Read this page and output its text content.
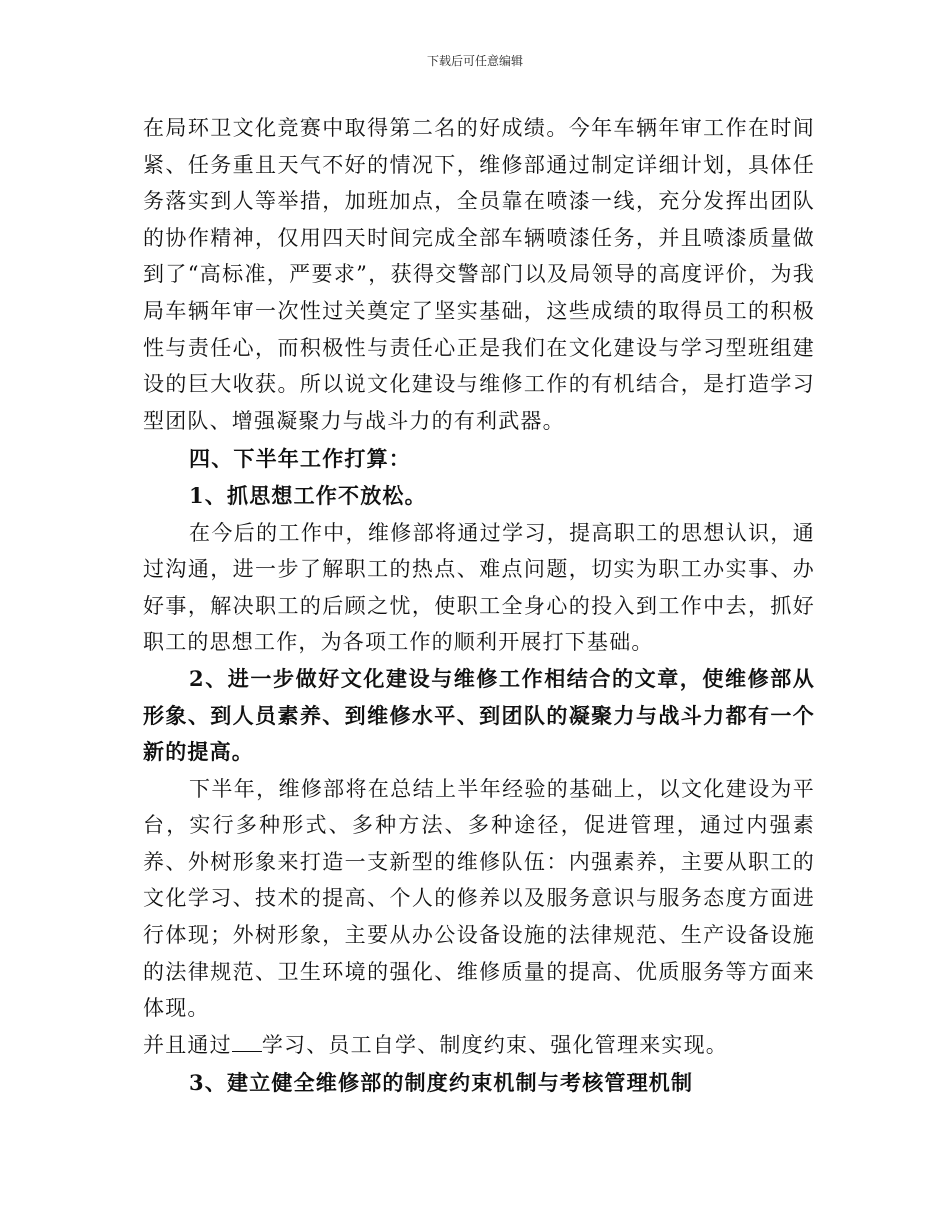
下载后可任意编辑

在局环卫文化竞赛中取得第二名的好成绩。今年车辆年审工作在时间紧、任务重且天气不好的情况下，维修部通过制定详细计划，具体任务落实到人等举措，加班加点，全员靠在喷漆一线，充分发挥出团队的协作精神，仅用四天时间完成全部车辆喷漆任务，并且喷漆质量做到了“高标准，严要求”，获得交警部门以及局领导的高度评价，为我局车辆年审一次性过关奠定了坚实基础，这些成绩的取得员工的积极性与责任心，而积极性与责任心正是我们在文化建设与学习型班组建设的巨大收获。所以说文化建设与维修工作的有机结合，是打造学习型团队、增强凝聚力与战斗力的有利武器。

四、下半年工作打算：

1、抓思想工作不放松。

在今后的工作中，维修部将通过学习，提高职工的思想认识，通过沟通，进一步了解职工的热点、难点问题，切实为职工办实事、办好事，解决职工的后顾之忧，使职工全身心的投入到工作中去，抓好职工的思想工作，为各项工作的顺利开展打下基础。

2、进一步做好文化建设与维修工作相结合的文章，使维修部从形象、到人员素养、到维修水平、到团队的凝聚力与战斗力都有一个新的提高。

下半年，维修部将在总结上半年经验的基础上，以文化建设为平台，实行多种形式、多种方法、多种途径，促进管理，通过内强素养、外树形象来打造一支新型的维修队伍：内强素养，主要从职工的文化学习、技术的提高、个人的修养以及服务意识与服务态度方面进行体现；外树形象，主要从办公设备设施的法律规范、生产设备设施的法律规范、卫生环境的强化、维修质量的提高、优质服务等方面来体现。

并且通过 学习、员工自学、制度约束、强化管理来实现。

3、建立健全维修部的制度约束机制与考核管理机制
